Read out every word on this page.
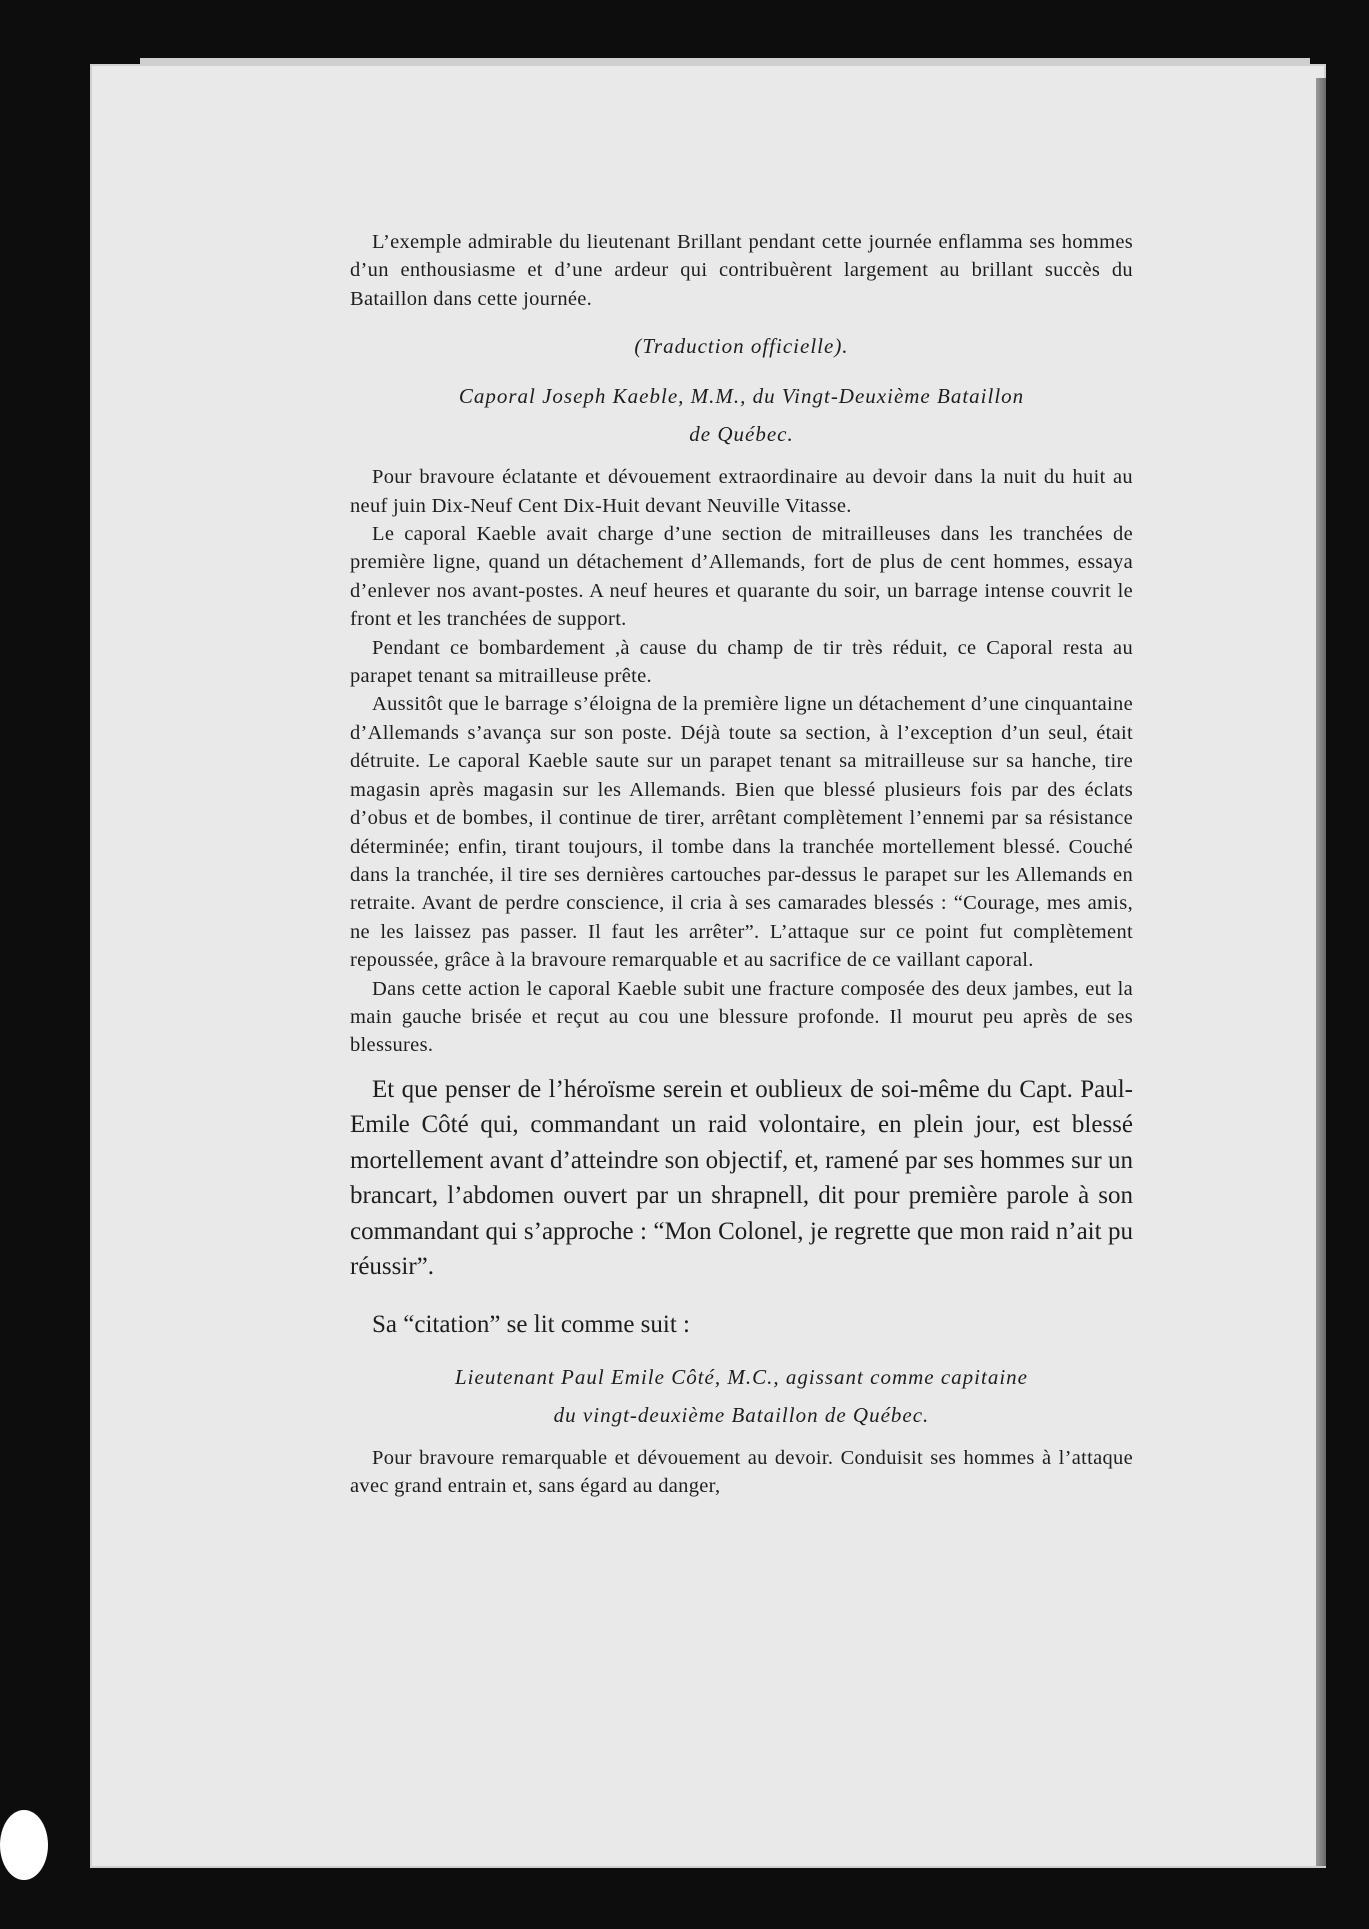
L’exemple admirable du lieutenant Brillant pendant cette journée enflamma ses hommes d’un enthousiasme et d’une ardeur qui contribuèrent largement au brillant succès du Bataillon dans cette journée.

(Traduction officielle).
Caporal Joseph Kaeble, M.M., du Vingt-Deuxième Bataillon
de Québec.

Pour bravoure éclatante et dévouement extraordinaire au devoir dans la nuit du huit au neuf juin Dix-Neuf Cent Dix-Huit devant Neuville Vitasse.

Le caporal Kaeble avait charge d’une section de mitrailleuses dans les tranchées de première ligne, quand un détachement d’Allemands, fort de plus de cent hommes, essaya d’enlever nos avant-postes. A neuf heures et quarante du soir, un barrage intense couvrit le front et les tranchées de support.

Pendant ce bombardement ,à cause du champ de tir très réduit, ce Caporal resta au parapet tenant sa mitrailleuse prête.

Aussitôt que le barrage s’éloigna de la première ligne un détachement d’une cinquantaine d’Allemands s’avança sur son poste. Déjà toute sa section, à l’exception d’un seul, était détruite. Le caporal Kaeble saute sur un parapet tenant sa mitrailleuse sur sa hanche, tire magasin après magasin sur les Allemands. Bien que blessé plusieurs fois par des éclats d’obus et de bombes, il continue de tirer, arrêtant complètement l’ennemi par sa résistance déterminée; enfin, tirant toujours, il tombe dans la tranchée mortellement blessé. Couché dans la tranchée, il tire ses dernières cartouches par-dessus le parapet sur les Allemands en retraite. Avant de perdre conscience, il cria à ses camarades blessés : “Courage, mes amis, ne les laissez pas passer. Il faut les arrêter”. L’attaque sur ce point fut complètement repoussée, grâce à la bravoure remarquable et au sacrifice de ce vaillant caporal.

Dans cette action le caporal Kaeble subit une fracture composée des deux jambes, eut la main gauche brisée et reçut au cou une blessure profonde. Il mourut peu après de ses blessures.

Et que penser de l’héroïsme serein et oublieux de soi-même du Capt. Paul-Emile Côté qui, commandant un raid volontaire, en plein jour, est blessé mortellement avant d’atteindre son objectif, et, ramené par ses hommes sur un brancart, l’abdomen ouvert par un shrapnell, dit pour première parole à son commandant qui s’approche : “Mon Colonel, je regrette que mon raid n’ait pu réussir”.

Sa “citation” se lit comme suit :
Lieutenant Paul Emile Côté, M.C., agissant comme capitaine
du vingt-deuxième Bataillon de Québec.

Pour bravoure remarquable et dévouement au devoir. Conduisit ses hommes à l’attaque avec grand entrain et, sans égard au danger,
